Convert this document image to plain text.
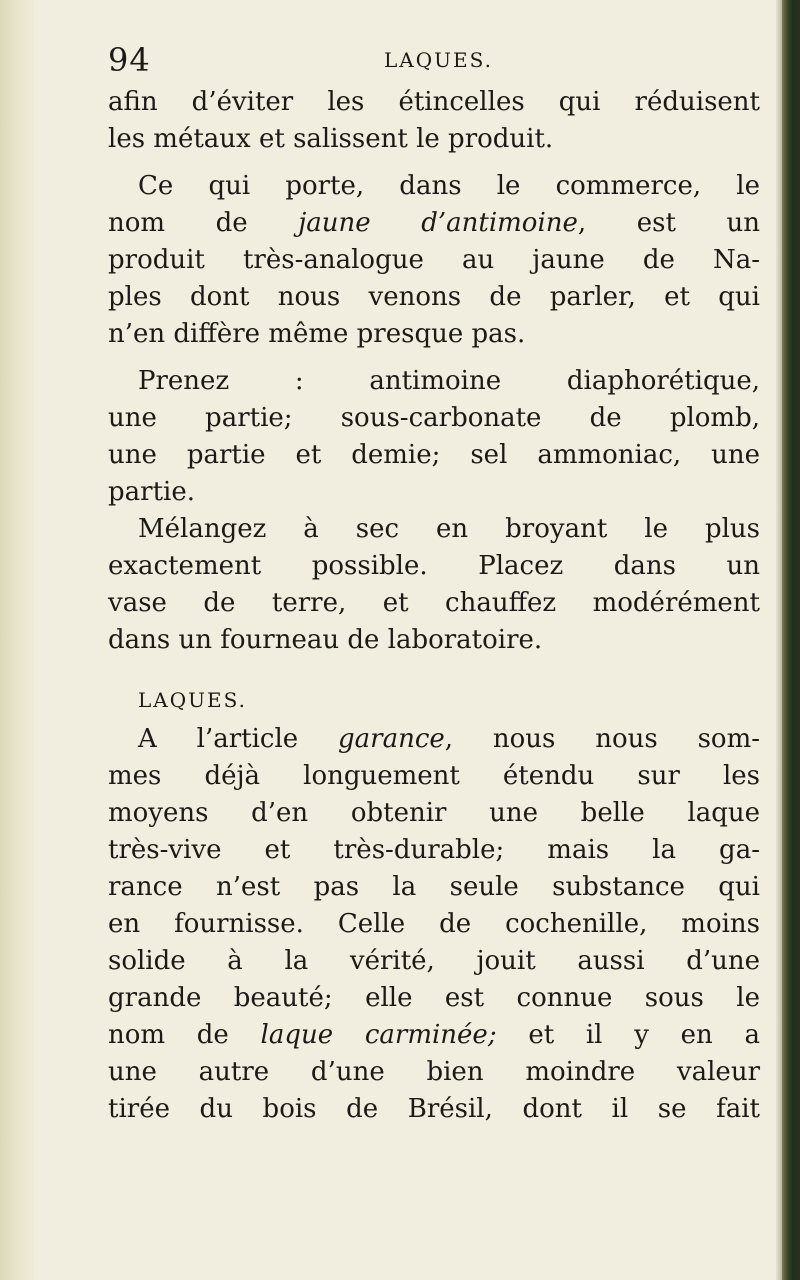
94	LAQUES.
afin d’éviter les étincelles qui réduisent
les métaux et salissent le produit.
Ce qui porte, dans le commerce, le
nom de jaune d’antimoine, est un
produit très-analogue au jaune de Na-
ples dont nous venons de parler, et qui
n’en diffère même presque pas.
Prenez : antimoine diaphorétique,
une partie; sous-carbonate de plomb,
une partie et demie; sel ammoniac, une
partie.
Mélangez à sec en broyant le plus
exactement possible. Placez dans un
vase de terre, et chauffez modérément
dans un fourneau de laboratoire.
LAQUES.
A l’article garance, nous nous som-
mes déjà longuement étendu sur les
moyens d’en obtenir une belle laque
très-vive et très-durable; mais la ga-
rance n’est pas la seule substance qui
en fournisse. Celle de cochenille, moins
solide à la vérité, jouit aussi d’une
grande beauté; elle est connue sous le
nom de laque carminée; et il y en a
une autre d’une bien moindre valeur
tirée du bois de Brésil, dont il se fait
